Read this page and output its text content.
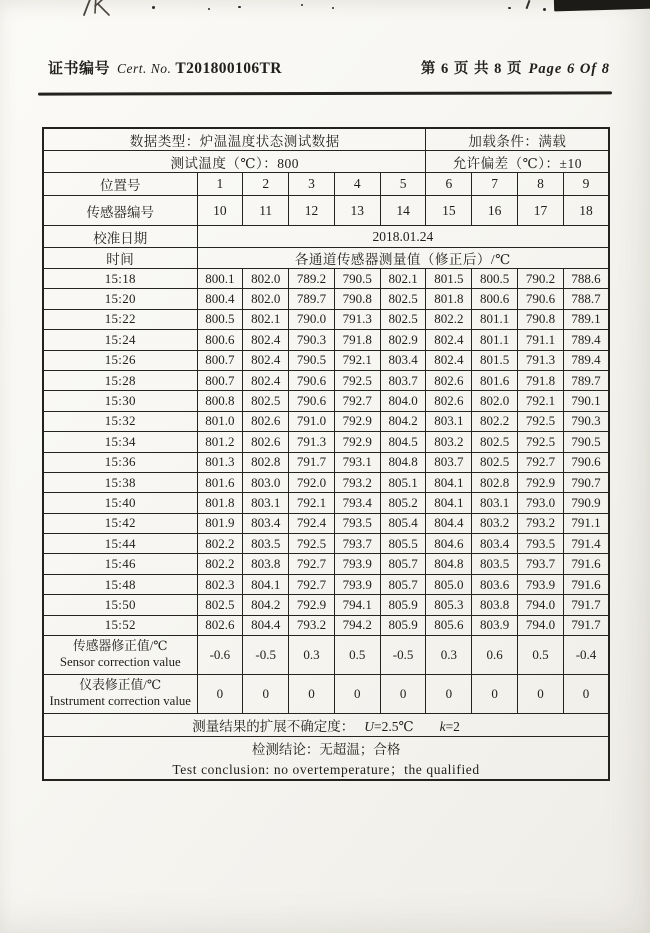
证书编号 Cert. No. T201800106TR	第 6 页 共 8 页 Page 6 Of 8
数据类型：炉温温度状态测试数据						加载条件：满载			
测试温度（℃）：800						允许偏差（℃）：±10			
位置号	1	2	3	4	5	6	7	8	9
传感器编号	10	11	12	13	14	15	16	17	18
校准日期	2018.01.24								
时间	各通道传感器测量值（修正后）/℃								
15:18	800.1	802.0	789.2	790.5	802.1	801.5	800.5	790.2	788.6
15:20	800.4	802.0	789.7	790.8	802.5	801.8	800.6	790.6	788.7
15:22	800.5	802.1	790.0	791.3	802.5	802.2	801.1	790.8	789.1
15:24	800.6	802.4	790.3	791.8	802.9	802.4	801.1	791.1	789.4
15:26	800.7	802.4	790.5	792.1	803.4	802.4	801.5	791.3	789.4
15:28	800.7	802.4	790.6	792.5	803.7	802.6	801.6	791.8	789.7
15:30	800.8	802.5	790.6	792.7	804.0	802.6	802.0	792.1	790.1
15:32	801.0	802.6	791.0	792.9	804.2	803.1	802.2	792.5	790.3
15:34	801.2	802.6	791.3	792.9	804.5	803.2	802.5	792.5	790.5
15:36	801.3	802.8	791.7	793.1	804.8	803.7	802.5	792.7	790.6
15:38	801.6	803.0	792.0	793.2	805.1	804.1	802.8	792.9	790.7
15:40	801.8	803.1	792.1	793.4	805.2	804.1	803.1	793.0	790.9
15:42	801.9	803.4	792.4	793.5	805.4	804.4	803.2	793.2	791.1
15:44	802.2	803.5	792.5	793.7	805.5	804.6	803.4	793.5	791.4
15:46	802.2	803.8	792.7	793.9	805.7	804.8	803.5	793.7	791.6
15:48	802.3	804.1	792.7	793.9	805.7	805.0	803.6	793.9	791.6
15:50	802.5	804.2	792.9	794.1	805.9	805.3	803.8	794.0	791.7
15:52	802.6	804.4	793.2	794.2	805.9	805.6	803.9	794.0	791.7

传感器修正值/℃
Sensor correction value	-0.6	-0.5	0.3	0.5	-0.5	0.3	0.6	0.5	-0.4

仪表修正值/℃
Instrument correction value	0	0	0	0	0	0	0	0	0
测量结果的扩展不确定度： U=2.5℃ k=2									

检测结论：无超温；合格
Test conclusion: no overtemperature；the qualified									
